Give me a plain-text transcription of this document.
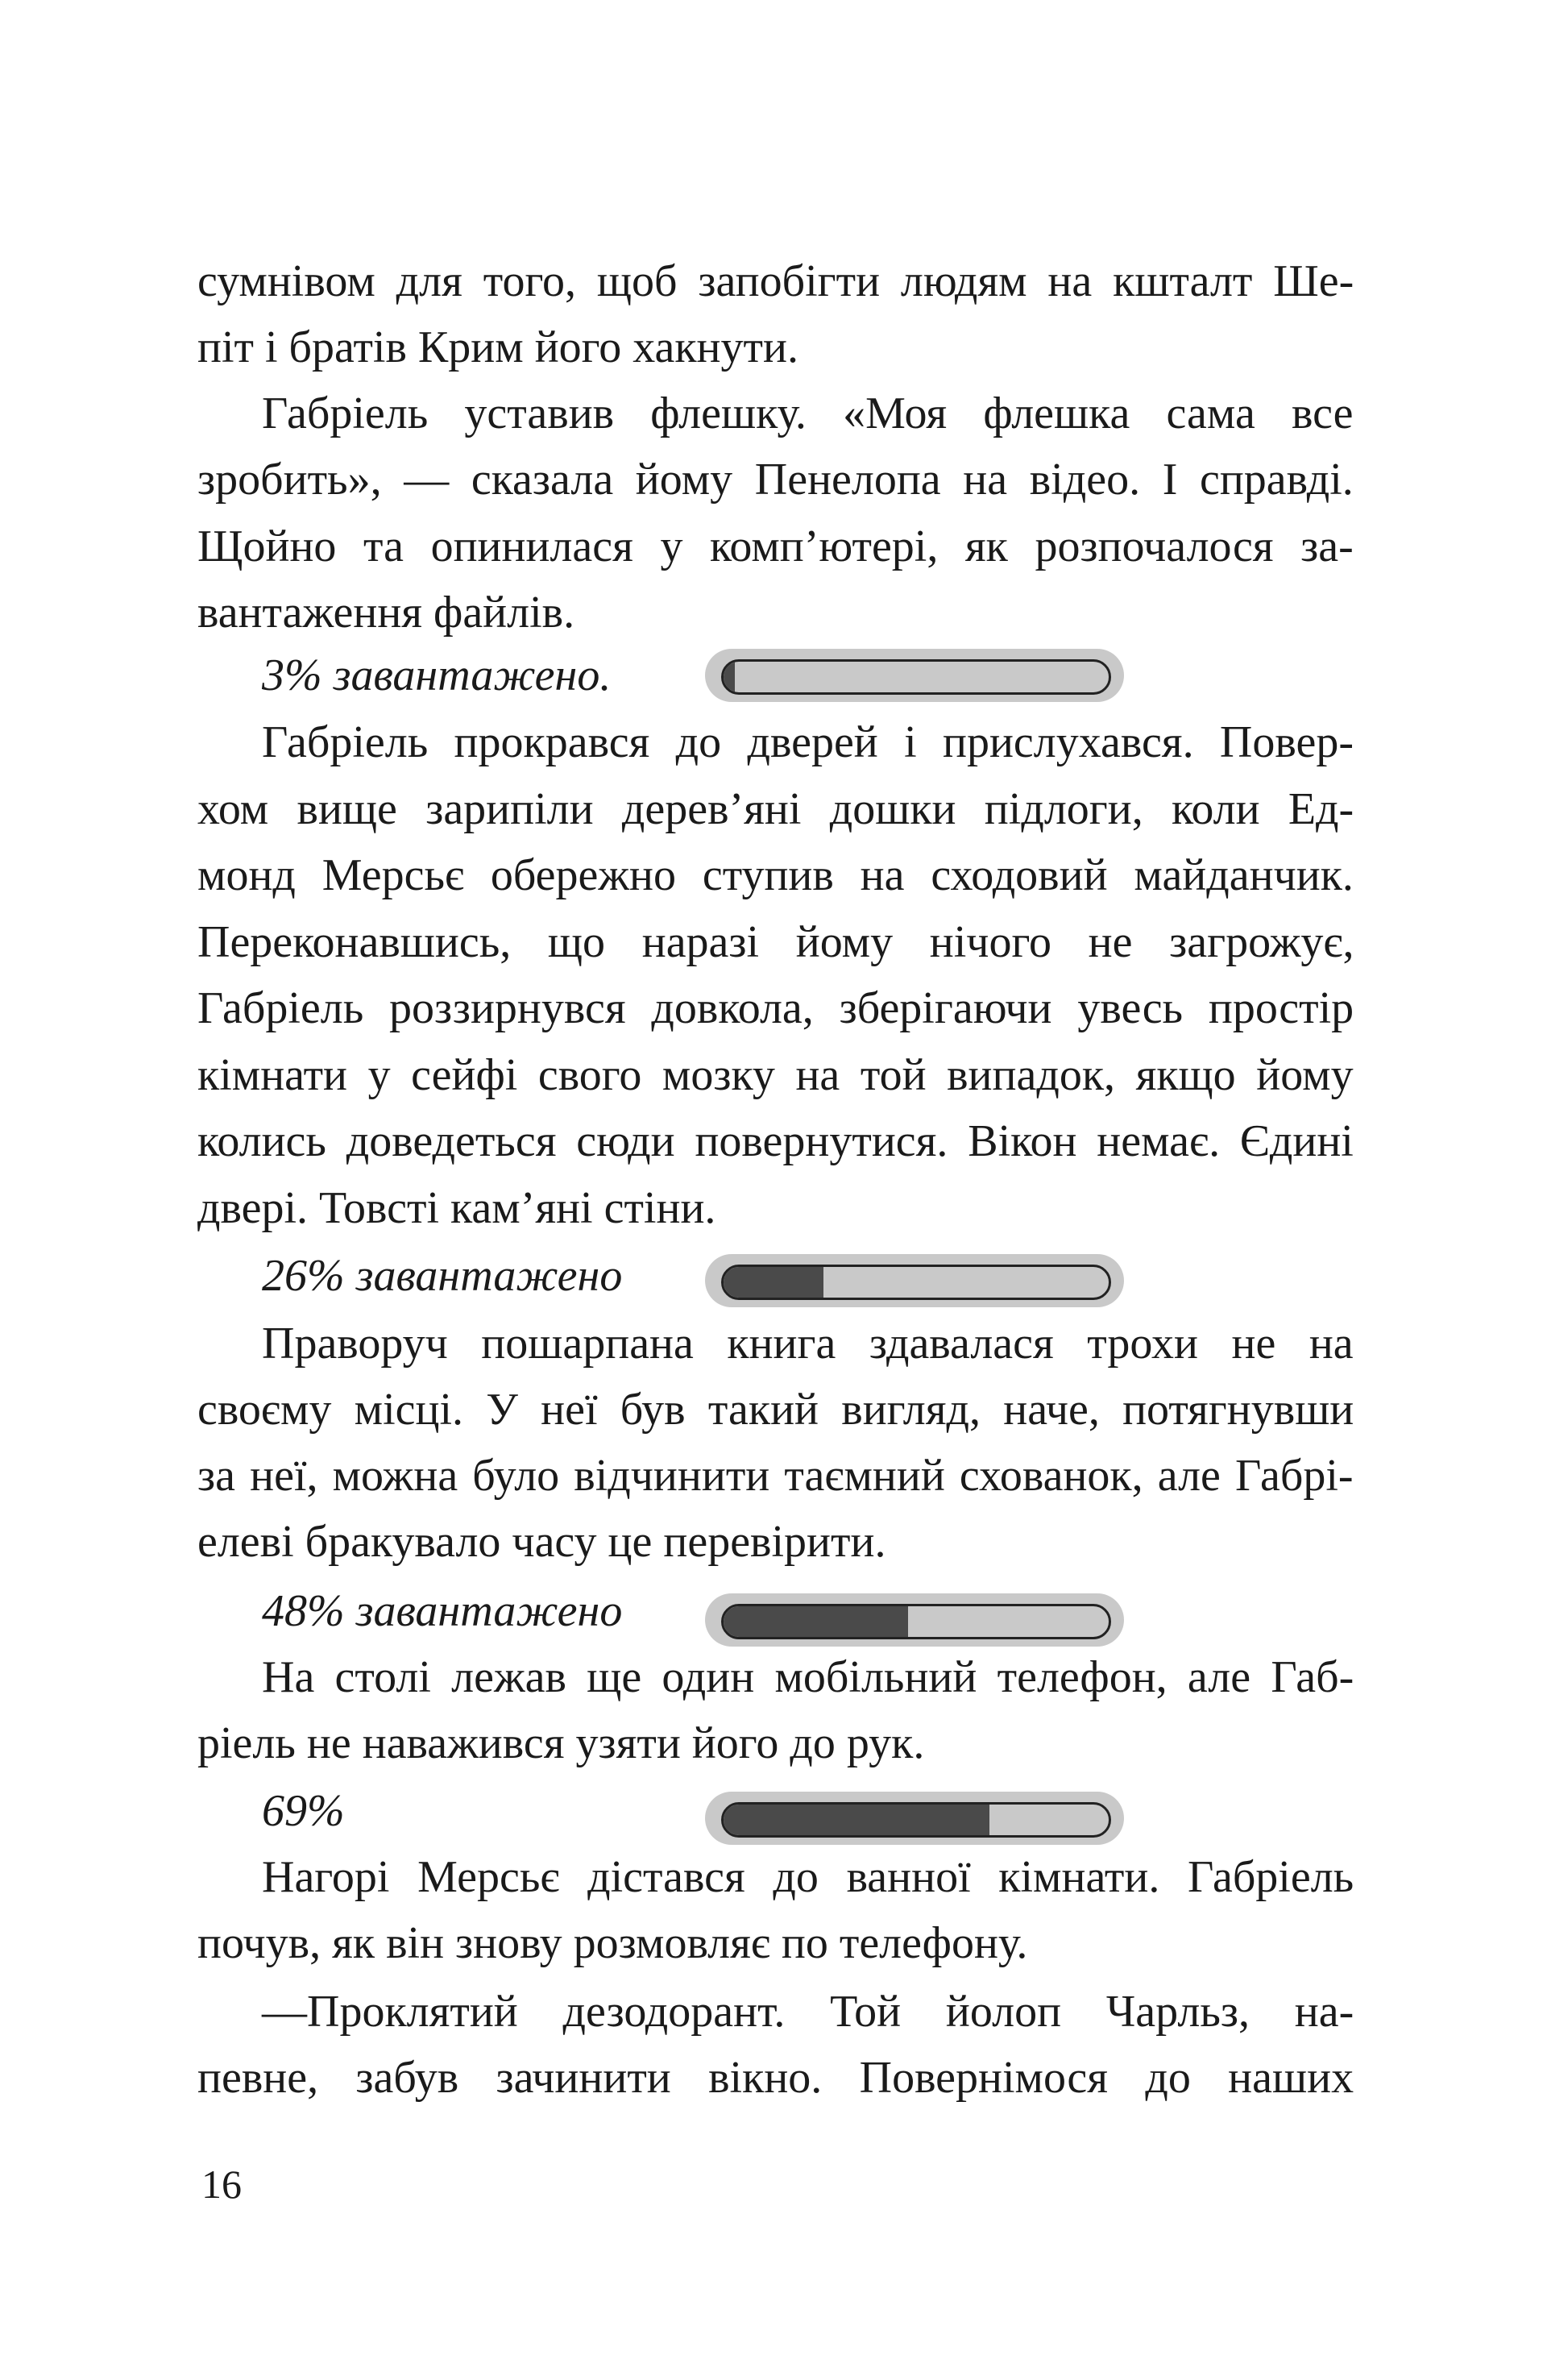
сумнівом для того, щоб запобігти людям на кшталт Ше-
піт і братів Крим його хакнути.
Габріель уставив флешку. «Моя флешка сама все
зробить», — сказала йому Пенелопа на відео. І справді.
Щойно та опинилася у комп’ютері, як розпочалося за-
вантаження файлів.
3% завантажено.
Габріель прокрався до дверей і прислухався. Повер-
хом вище зарипіли дерев’яні дошки підлоги, коли Ед-
монд Мерсьє обережно ступив на сходовий майданчик.
Переконавшись, що наразі йому нічого не загрожує,
Габріель роззирнувся довкола, зберігаючи увесь простір
кімнати у сейфі свого мозку на той випадок, якщо йому
колись доведеться сюди повернутися. Вікон немає. Єдині
двері. Товсті кам’яні стіни.
26% завантажено
Праворуч пошарпана книга здавалася трохи не на
своєму місці. У неї був такий вигляд, наче, потягнувши
за неї, можна було відчинити таємний схованок, але Габрі-
елеві бракувало часу це перевірити.
48% завантажено
На столі лежав ще один мобільний телефон, але Габ-
ріель не наважився узяти його до рук.
69%
Нагорі Мерсьє дістався до ванної кімнати. Габріель
почув, як він знову розмовляє по телефону.
—Проклятий дезодорант. Той йолоп Чарльз, на-
певне, забув зачинити вікно. Повернімося до наших
16
